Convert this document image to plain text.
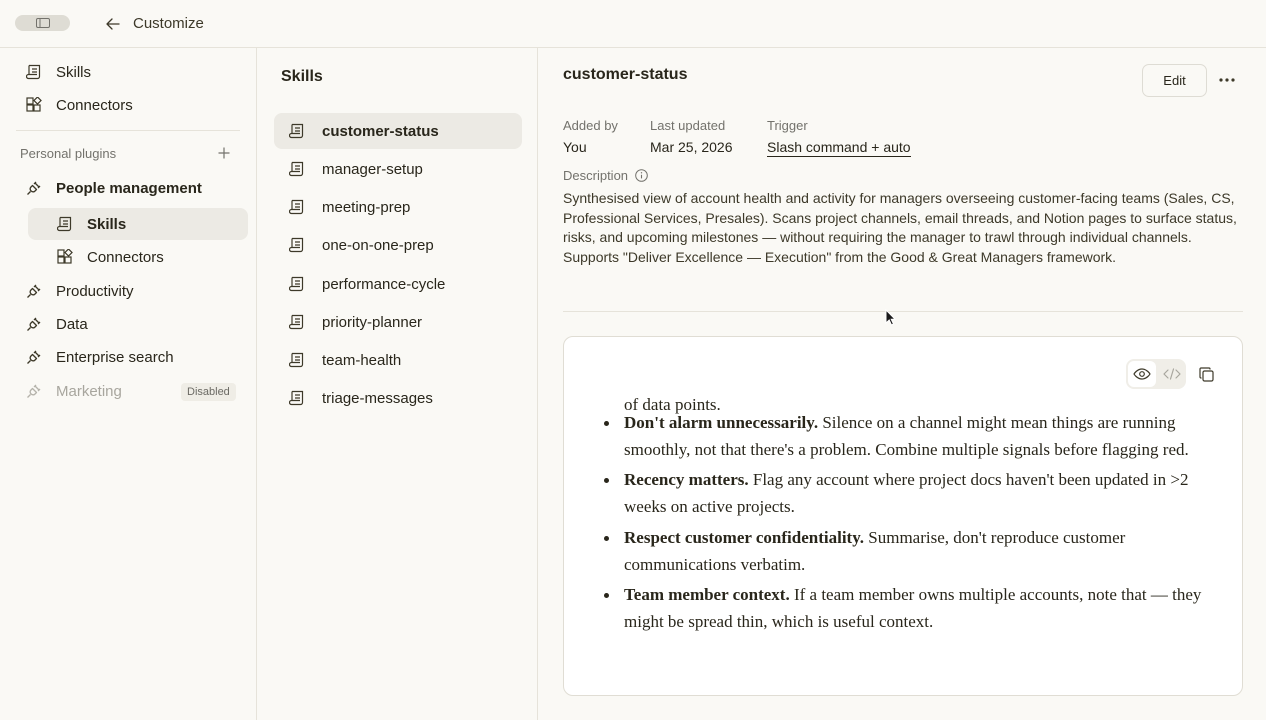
Customize
Skills
Connectors
Personal plugins
People management
Skills
Connectors
Productivity
Data
Enterprise search
Marketing	Disabled
Skills
customer-status
manager-setup
meeting-prep
one-on-one-prep
performance-cycle
priority-planner
team-health
triage-messages
customer-status	Edit
Added by
You
Last updated
Mar 25, 2026
Trigger
Slash command + auto
Description
Synthesised view of account health and activity for managers overseeing customer-facing teams (Sales, CS, Professional Services, Presales). Scans project channels, email threads, and Notion pages to surface status, risks, and upcoming milestones — without requiring the manager to trawl through individual channels. Supports "Deliver Excellence — Execution" from the Good & Great Managers framework.
of data points.
Don't alarm unnecessarily. Silence on a channel might mean things are running smoothly, not that there's a problem. Combine multiple signals before flagging red.
Recency matters. Flag any account where project docs haven't been updated in >2 weeks on active projects.
Respect customer confidentiality. Summarise, don't reproduce customer communications verbatim.
Team member context. If a team member owns multiple accounts, note that — they might be spread thin, which is useful context.
